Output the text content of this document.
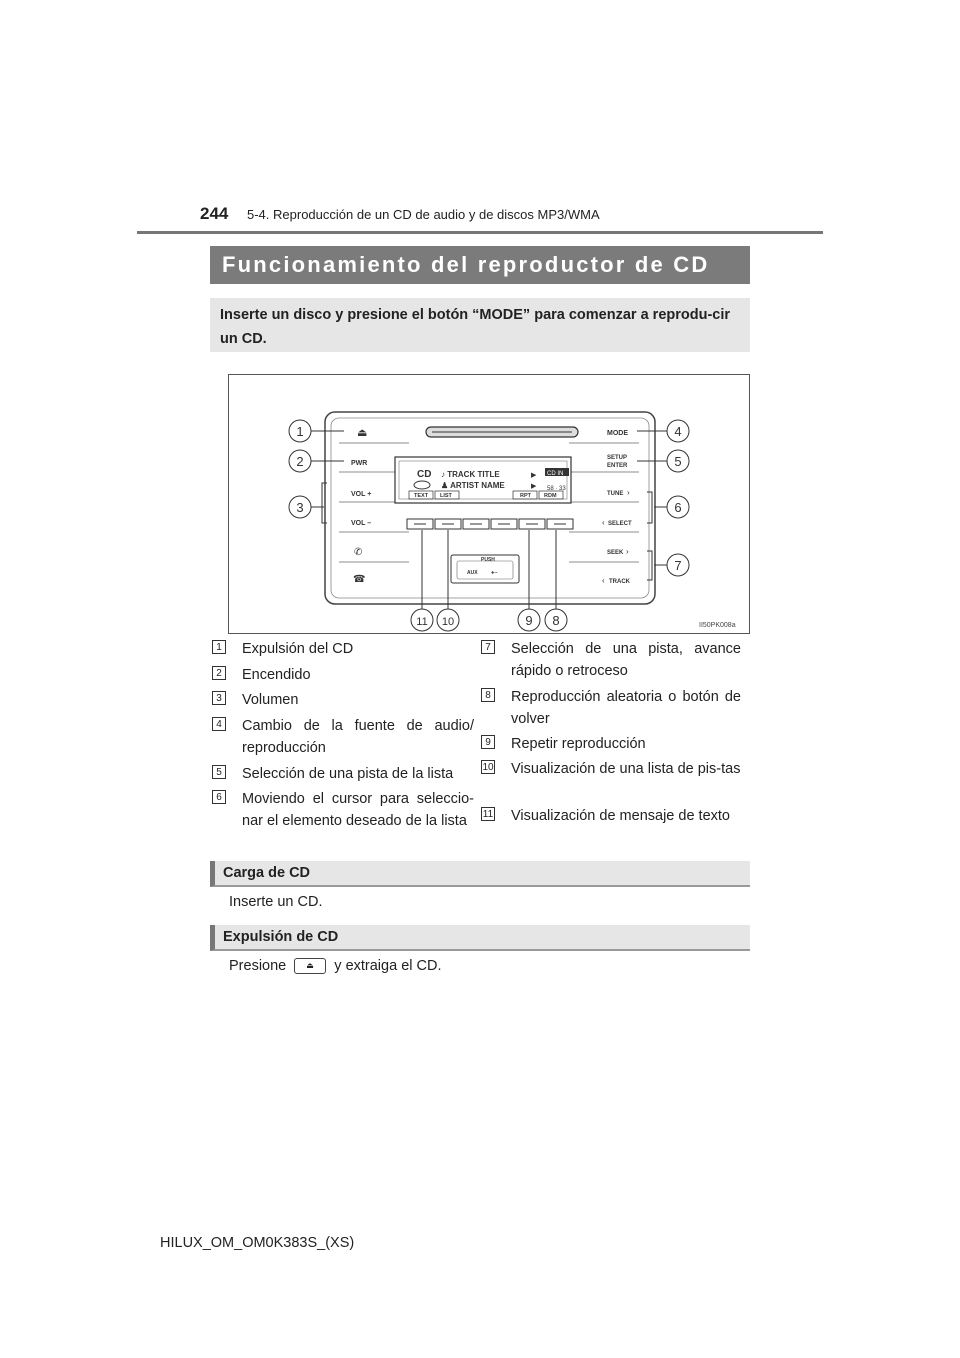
244 5-4. Reproducción de un CD de audio y de discos MP3/WMA
Funcionamiento del reproductor de CD
Inserte un disco y presione el botón “MODE” para comenzar a reprodu-cir un CD.
⏏
PWR
VOL +
VOL –
✆
☎
MODE
SETUP
ENTER
TUNE ›
‹ SELECT
SEEK ›
‹ TRACK
CD ♪ TRACK TITLE
♟ ARTIST NAME
▶
▶
CD IN
58 · 33
TEXT LIST	RPT RDM
PUSH
AUX ⇠
1
2
3
4
5
6
7
8
9
10
11	II50PK008a
1 Expulsión del CD
2 Encendido
3 Volumen
4 Cambio de la fuente de audio/ reproducción
5 Selección de una pista de la lista
6 Moviendo el cursor para seleccio-nar el elemento deseado de la lista
7 Selección de una pista, avance rápido o retroceso
8 Reproducción aleatoria o botón de volver
9 Repetir reproducción
10 Visualización de una lista de pis-tas
11 Visualización de mensaje de texto
Carga de CD
Inserte un CD.
Expulsión de CD
Presione	⏏ y extraiga el CD.
HILUX_OM_OM0K383S_(XS)
